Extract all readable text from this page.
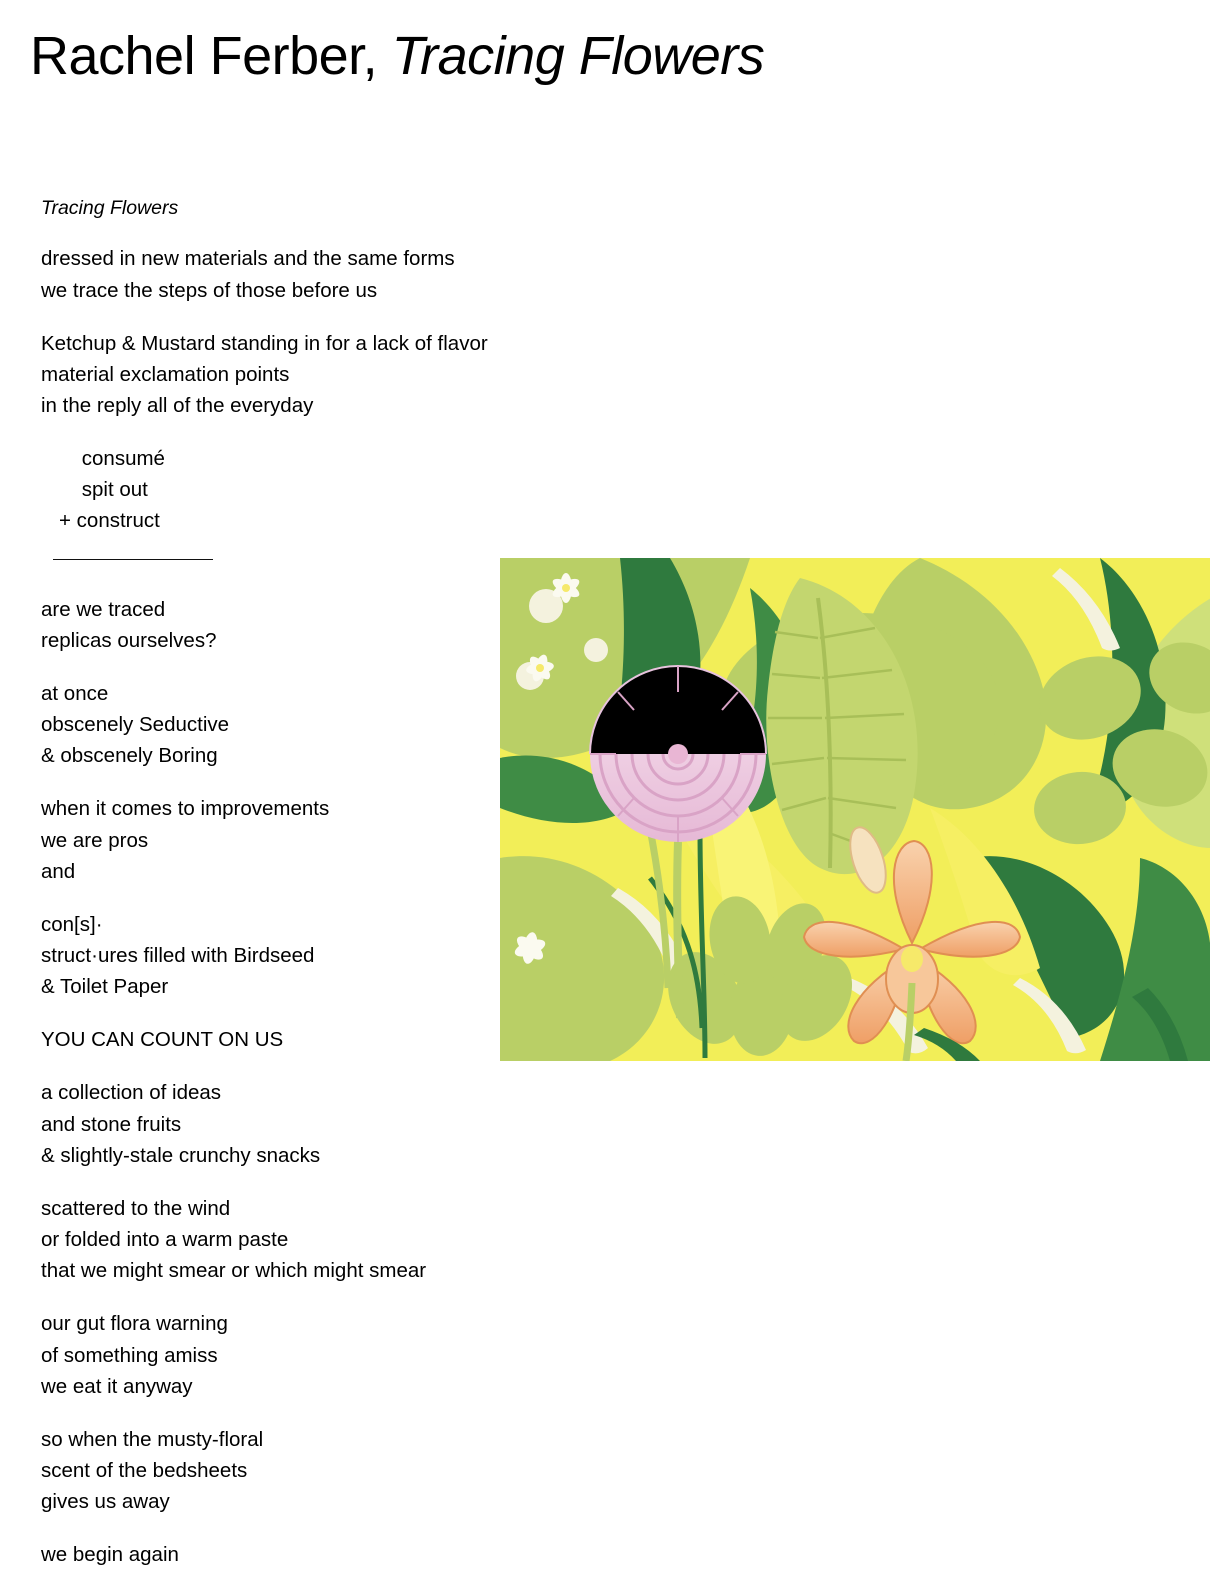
Rachel Ferber, Tracing Flowers
Tracing Flowers
dressed in new materials and the same forms
we trace the steps of those before us
Ketchup & Mustard standing in for a lack of flavor
material exclamation points
in the reply all of the everyday
consumé
spit out
+ construct
are we traced
replicas ourselves?
at once
obscenely Seductive
& obscenely Boring
when it comes to improvements
we are pros
and
con[s]·
struct·ures filled with Birdseed
& Toilet Paper
YOU CAN COUNT ON US
a collection of ideas
and stone fruits
& slightly-stale crunchy snacks
scattered to the wind
or folded into a warm paste
that we might smear or which might smear
our gut flora warning
of something amiss
we eat it anyway
so when the musty-floral
scent of the bedsheets
gives us away
we begin again
